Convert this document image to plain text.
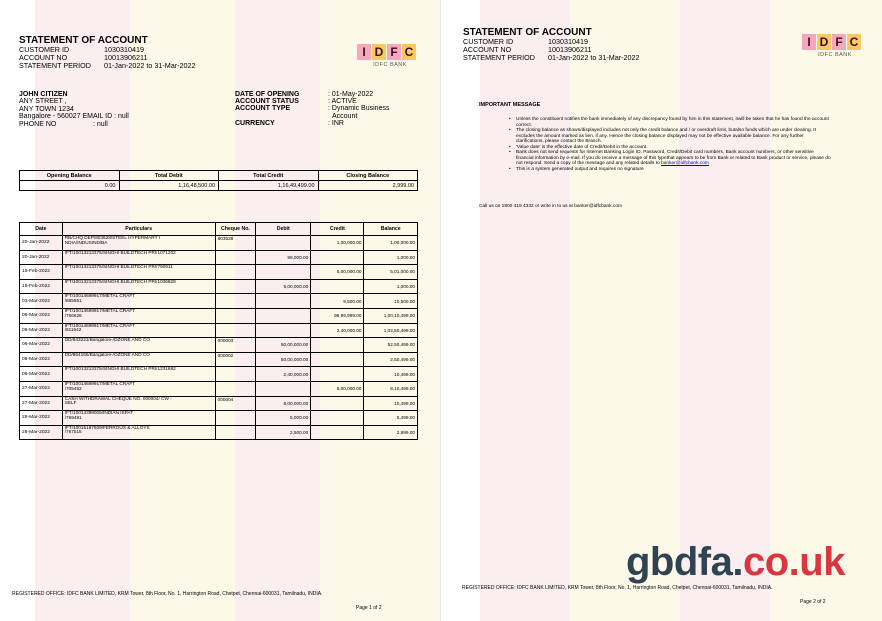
STATEMENT OF ACCOUNT
CUSTOMER ID	1030310419
ACCOUNT NO	10013906211
STATEMENT PERIOD 01-Jan-2022 to 31-Mar-2022
I D F C
IDFC BANK
JOHN CITIZEN
ANY STREET ,
ANY TOWN 1234
Bangalore - 560027 EMAIL ID : null
PHONE NO	: null
DATE OF OPENING	: 01-May-2022
ACCOUNT STATUS	: ACTIVE
ACCOUNT TYPE	: Dynamic Business
Account
CURRENCY	: INR
Opening Balance	Total Debit	Total Credit	Closing Balance
0.00	1,16,48,500.00	1,16,49,499.00	2,999.00
Date	Particulars	Cheque No.	Debit	Credit	Balance
20-Jan-2022	RB/CHQ DEP/803628/STEEL HYPERMART I
NDIA/INDUSIND/BA	803628		1,00,000.00	1,00,000.00
20-Jan-2022	IFT/10013213375/SINGHI BUILDTECH PRI/1071202		99,000.00		1,000.00
15-Feb-2022	IFT/10013213375/SINGHI BUILDTECH PRI/750911			5,00,000.00	5,01,000.00
15-Feb-2022	IFT/10013213375/SINGHI BUILDTECH PRI/1036828		5,00,000.00		1,000.00
03-Mar-2022	IFT/10014699917/METAL CRAFT
/865551			9,500.00	10,500.00
06-Mar-2022	IFT/10014699917/METAL CRAFT
/766628			99,99,999.00	1,00,10,499.00
06-Mar-2022	IFT/10014699917/METAL CRAFT
/811642			2,40,000.00	1,02,50,499.00
06-Mar-2022	DD/843221/Bangalore-/OZONE AND CO	000003	50,00,000.00		52,50,499.00
06-Mar-2022	DD/864165/Bangalore-/OZONE AND CO	000002	50,00,000.00		2,50,499.00
06-Mar-2022	IFT/10013213375/SINGHI BUILDTECH PRI/1231682		2,40,000.00		10,499.00
27-Mar-2022	IFT/10014699917/METAL CRAFT
/705452			8,00,000.00	8,10,499.00
27-Mar-2022	CASH WITHDRAWAL CHEQUE NO. 000004/ CW -
SELF	000004	8,00,000.00		10,499.00
28-Mar-2022	IFT/10014399005/INDIAN ISPAT
/769491		5,000.00		5,499.00
28-Mar-2022	IFT/10015187509/FERROUS & ALLOYS
/767515		2,500.00		2,999.00
REGISTERED OFFICE: IDFC BANK LIMITED, KRM Tower, 8th Floor, No. 1, Harrington Road, Chetpet, Chennai-600031, Tamilnadu, INDIA.
Page 1 of 2
STATEMENT OF ACCOUNT
CUSTOMER ID	1030310419
ACCOUNT NO	10013906211
STATEMENT PERIOD 01-Jan-2022 to 31-Mar-2022
I D F C
IDFC BANK
IMPORTANT MESSAGE
• Unless the constituent notifies the bank immediately of any discrepancy found by him in this statement, itwill be taken that he has found the account correct.
• The closing balance as shown/displayed includes not only the credit balance and / or overdraft limit, butalso funds which are under clearing. It excludes the amount marked as lien, if any. Hence the closing balance displayed may not be effective available balance. For any further clarifications, please contact the Branch.
• 'Value date' is the effective date of Credit/Debit in the account.
• Bank does not send requests for Internet Banking Login ID, Password, Credit/Debit card numbers, Bank account numbers, or other sensitive financial information by e-mail. If you do receive a message of this typethat appears to be from Bank or related to Bank product or service, please do not respond. Send a copy of the message and any related details to banker@idfcbank.com
• This is a system generated output and requires no signature
Call us on 1800 419 4332 or write in to us at banker@idfcbank.com
gbdfa.co.uk
REGISTERED OFFICE: IDFC BANK LIMITED, KRM Tower, 8th Floor, No. 1, Harrington Road, Chetpet, Chennai-600031, Tamilnadu, INDIA.
Page 2 of 2
